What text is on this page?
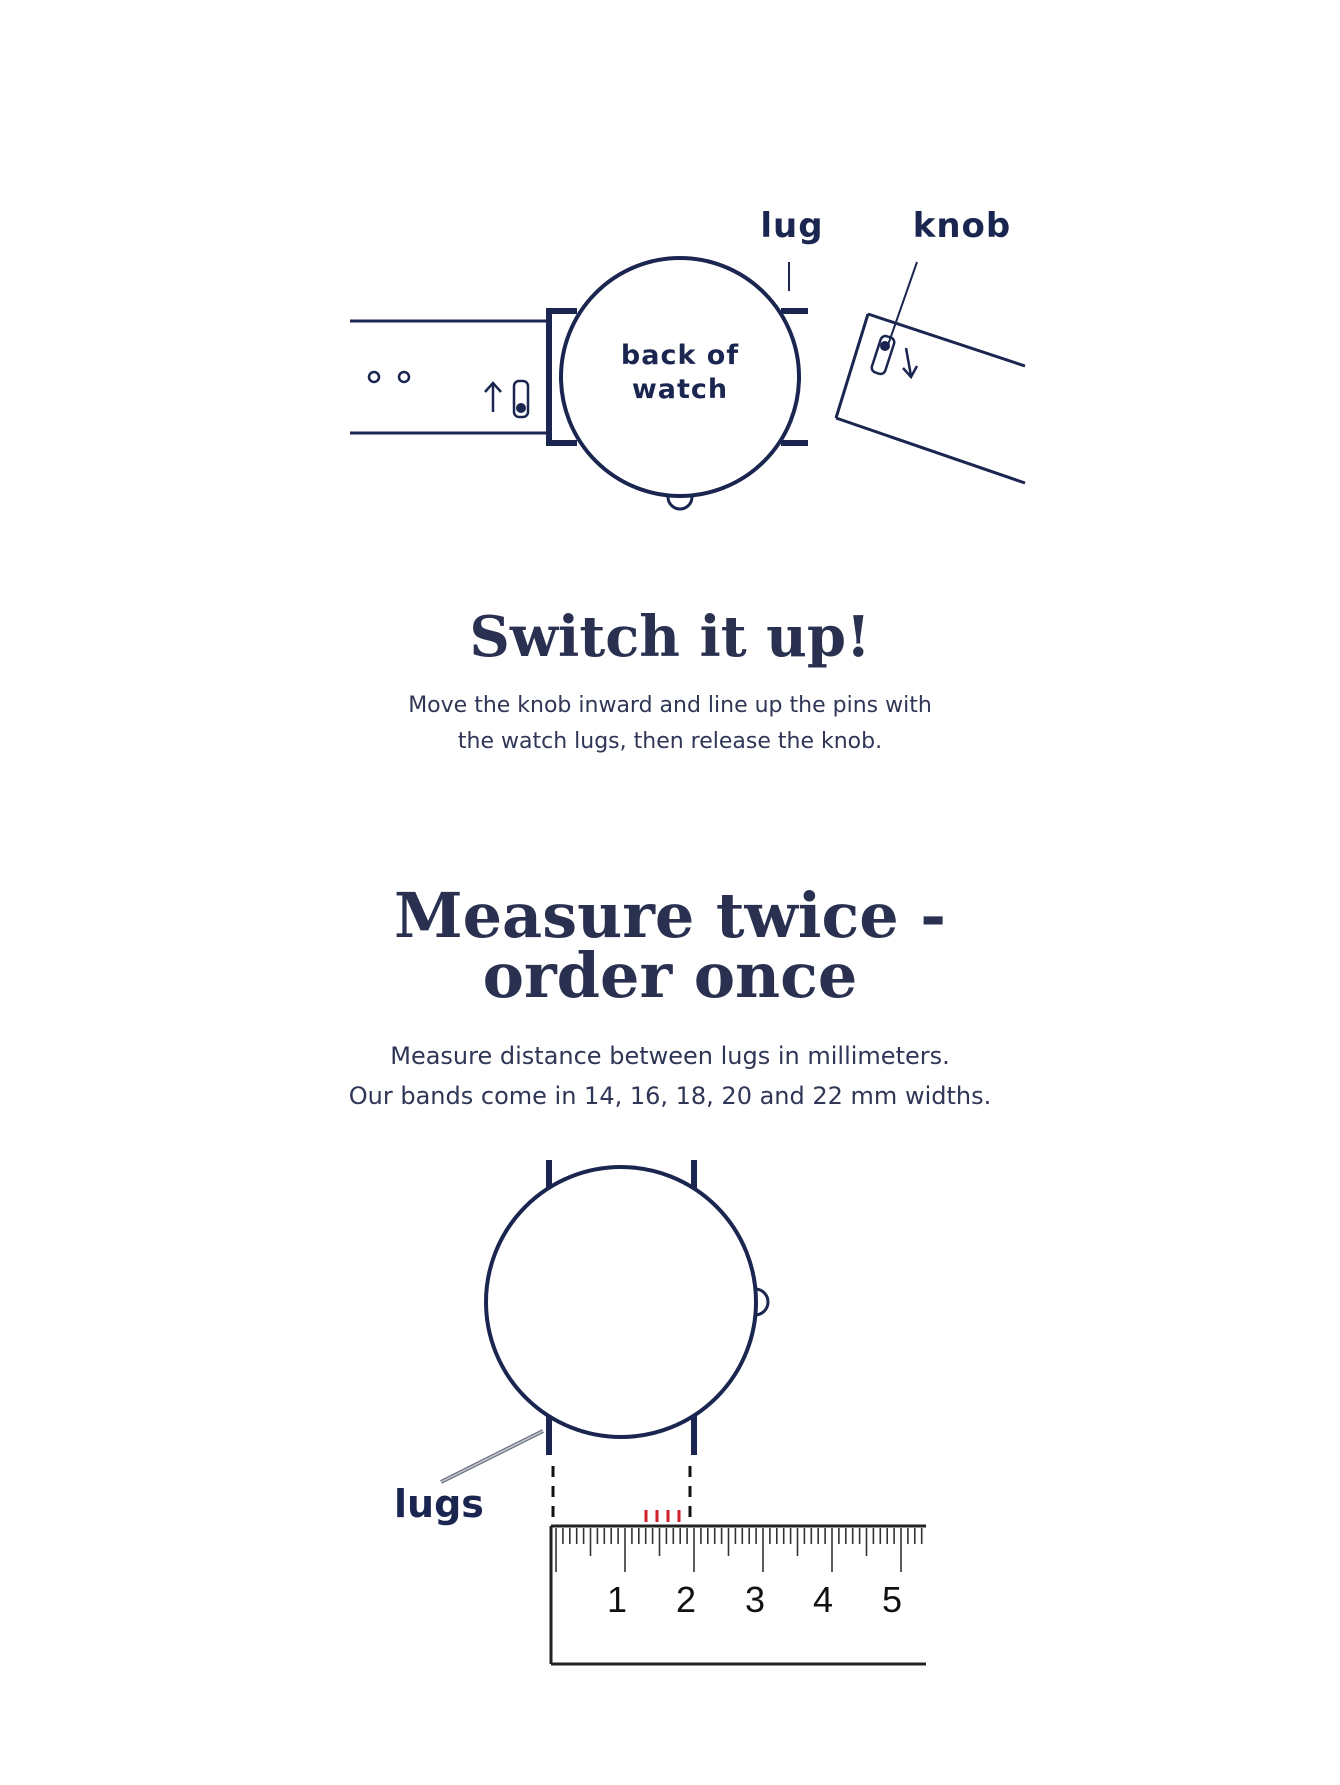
lug	knob
back of
watch
Switch it up!
Move the knob inward and line up the pins with
the watch lugs, then release the knob.
Measure twice -
order once
Measure distance between lugs in millimeters.
Our bands come in 14, 16, 18, 20 and 22 mm widths.
lugs
1 2 3 4 5
